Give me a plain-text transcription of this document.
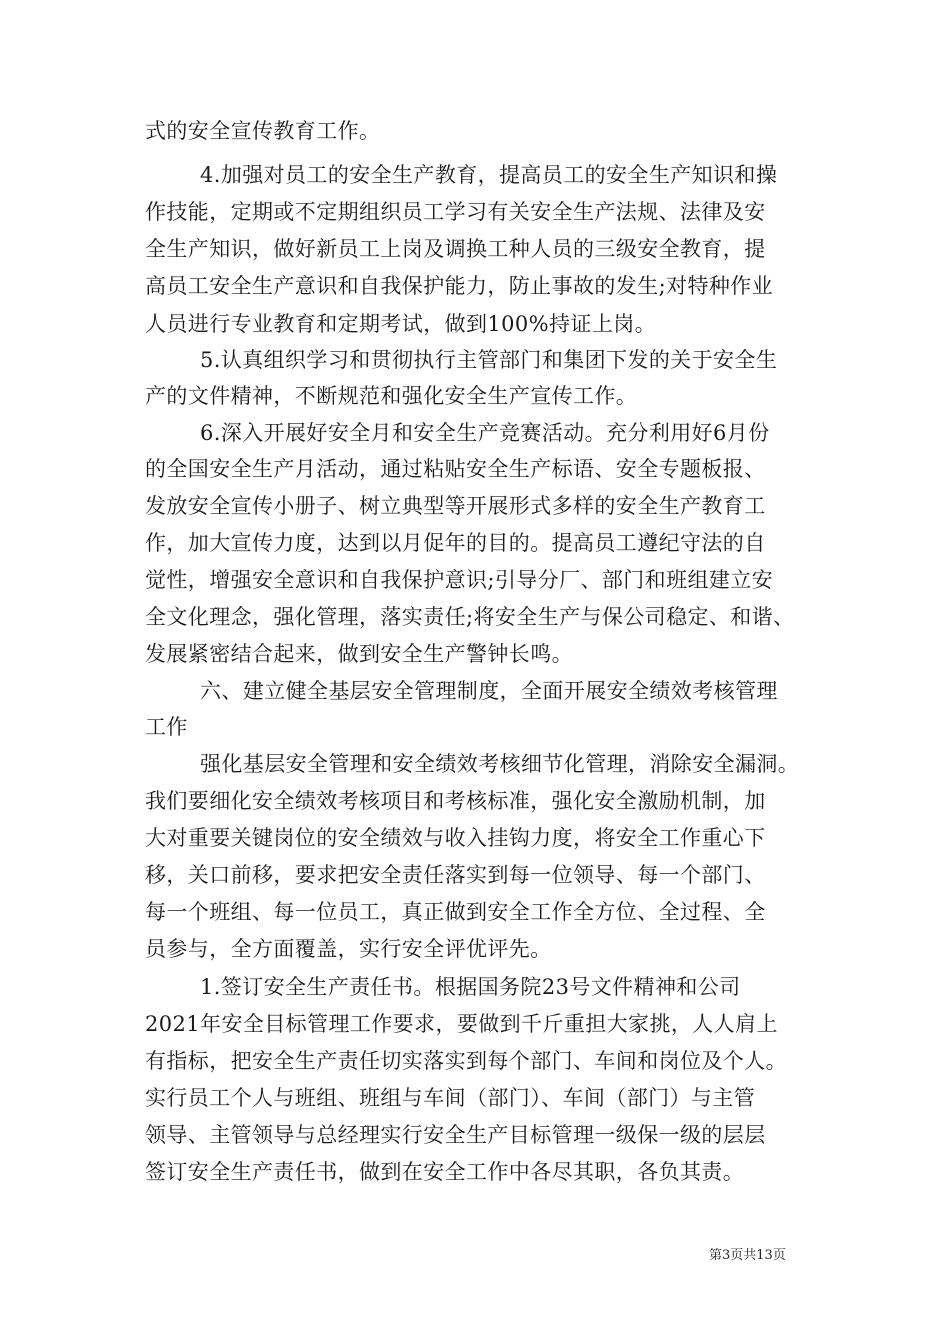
式的安全宣传教育工作。
4.加强对员工的安全生产教育，提高员工的安全生产知识和操
作技能，定期或不定期组织员工学习有关安全生产法规、法律及安
全生产知识，做好新员工上岗及调换工种人员的三级安全教育，提
高员工安全生产意识和自我保护能力，防止事故的发生;对特种作业
人员进行专业教育和定期考试，做到100%持证上岗。
5.认真组织学习和贯彻执行主管部门和集团下发的关于安全生
产的文件精神，不断规范和强化安全生产宣传工作。
6.深入开展好安全月和安全生产竞赛活动。充分利用好6月份
的全国安全生产月活动，通过粘贴安全生产标语、安全专题板报、
发放安全宣传小册子、树立典型等开展形式多样的安全生产教育工
作，加大宣传力度，达到以月促年的目的。提高员工遵纪守法的自
觉性，增强安全意识和自我保护意识;引导分厂、部门和班组建立安
全文化理念，强化管理，落实责任;将安全生产与保公司稳定、和谐、
发展紧密结合起来，做到安全生产警钟长鸣。
六、建立健全基层安全管理制度，全面开展安全绩效考核管理
工作
强化基层安全管理和安全绩效考核细节化管理，消除安全漏洞。
我们要细化安全绩效考核项目和考核标准，强化安全激励机制，加
大对重要关键岗位的安全绩效与收入挂钩力度，将安全工作重心下
移，关口前移，要求把安全责任落实到每一位领导、每一个部门、
每一个班组、每一位员工，真正做到安全工作全方位、全过程、全
员参与，全方面覆盖，实行安全评优评先。
1.签订安全生产责任书。根据国务院23号文件精神和公司
2021年安全目标管理工作要求，要做到千斤重担大家挑，人人肩上
有指标，把安全生产责任切实落实到每个部门、车间和岗位及个人。
实行员工个人与班组、班组与车间（部门）、车间（部门）与主管
领导、主管领导与总经理实行安全生产目标管理一级保一级的层层
签订安全生产责任书，做到在安全工作中各尽其职，各负其责。
第3页共13页
